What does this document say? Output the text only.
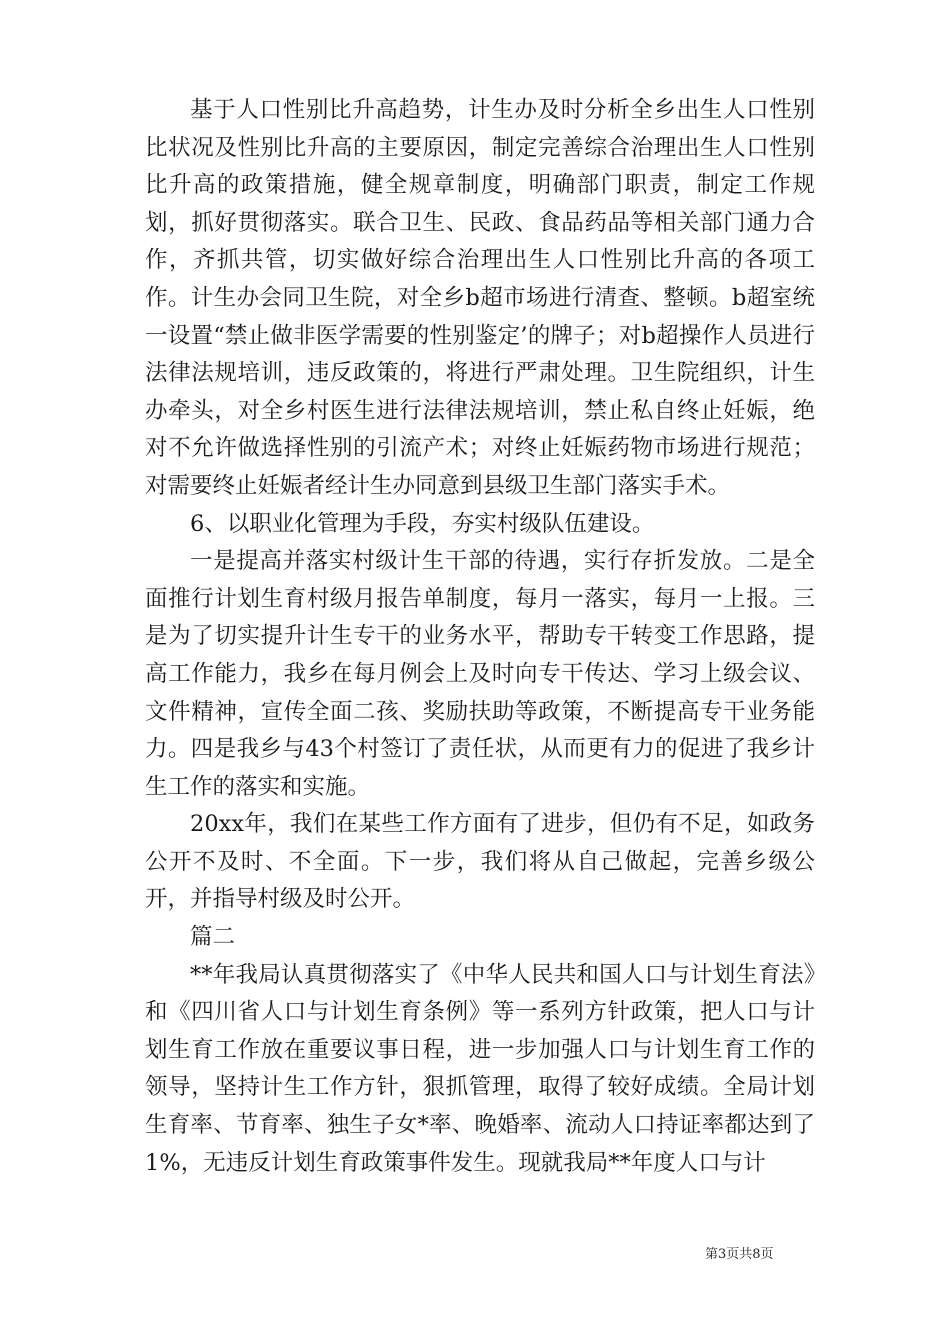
基于人口性别比升高趋势，计生办及时分析全乡出生人口性别比状况及性别比升高的主要原因，制定完善综合治理出生人口性别比升高的政策措施，健全规章制度，明确部门职责，制定工作规划，抓好贯彻落实。联合卫生、民政、食品药品等相关部门通力合作，齐抓共管，切实做好综合治理出生人口性别比升高的各项工作。计生办会同卫生院，对全乡b超市场进行清查、整顿。b超室统一设置“禁止做非医学需要的性别鉴定’的牌子；对b超操作人员进行法律法规培训，违反政策的，将进行严肃处理。卫生院组织，计生办牵头，对全乡村医生进行法律法规培训，禁止私自终止妊娠，绝对不允许做选择性别的引流产术；对终止妊娠药物市场进行规范；对需要终止妊娠者经计生办同意到县级卫生部门落实手术。

6、以职业化管理为手段，夯实村级队伍建设。

一是提高并落实村级计生干部的待遇，实行存折发放。二是全面推行计划生育村级月报告单制度，每月一落实，每月一上报。三是为了切实提升计生专干的业务水平，帮助专干转变工作思路，提高工作能力，我乡在每月例会上及时向专干传达、学习上级会议、文件精神，宣传全面二孩、奖励扶助等政策，不断提高专干业务能力。四是我乡与43个村签订了责任状，从而更有力的促进了我乡计生工作的落实和实施。

20xx年，我们在某些工作方面有了进步，但仍有不足，如政务公开不及时、不全面。下一步，我们将从自己做起，完善乡级公开，并指导村级及时公开。

篇二

**年我局认真贯彻落实了《中华人民共和国人口与计划生育法》和《四川省人口与计划生育条例》等一系列方针政策，把人口与计划生育工作放在重要议事日程，进一步加强人口与计划生育工作的领导，坚持计生工作方针，狠抓管理，取得了较好成绩。全局计划生育率、节育率、独生子女*率、晚婚率、流动人口持证率都达到了1%，无违反计划生育政策事件发生。现就我局**年度人口与计

第3页共8页
